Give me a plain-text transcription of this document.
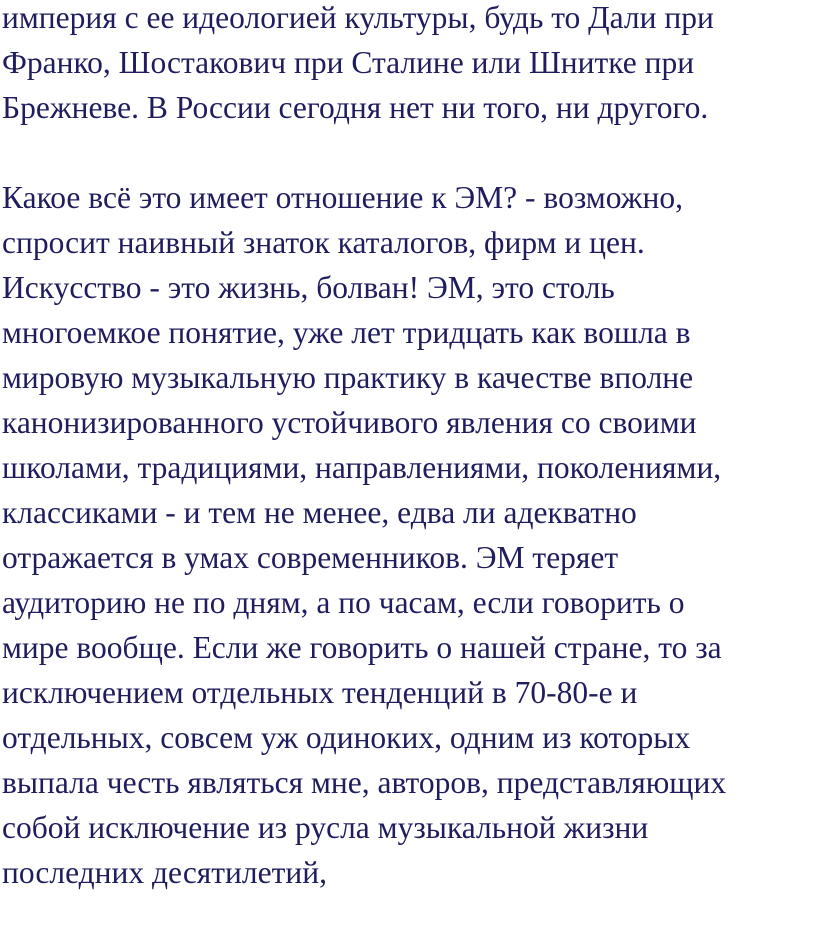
империя с ее идеологией культуры, будь то Дали при
Франко, Шостакович при Сталине или Шнитке при
Брежневе. В России сегодня нет ни того, ни другого.
Какое всё это имеет отношение к ЭМ? - возможно,
спросит наивный знаток каталогов, фирм и цен.
Искусство - это жизнь, болван! ЭМ, это столь
многоемкое понятие, уже лет тридцать как вошла в
мировую музыкальную практику в качестве вполне
канонизированного устойчивого явления со своими
школами, традициями, направлениями, поколениями,
классиками - и тем не менее, едва ли адекватно
отражается в умах современников. ЭМ теряет
аудиторию не по дням, а по часам, если говорить о
мире вообще. Если же говорить о нашей стране, то за
исключением отдельных тенденций в 70-80-е и
отдельных, совсем уж одиноких, одним из которых
выпала честь являться мне, авторов, представляющих
собой исключение из русла музыкальной жизни
последних десятилетий,
